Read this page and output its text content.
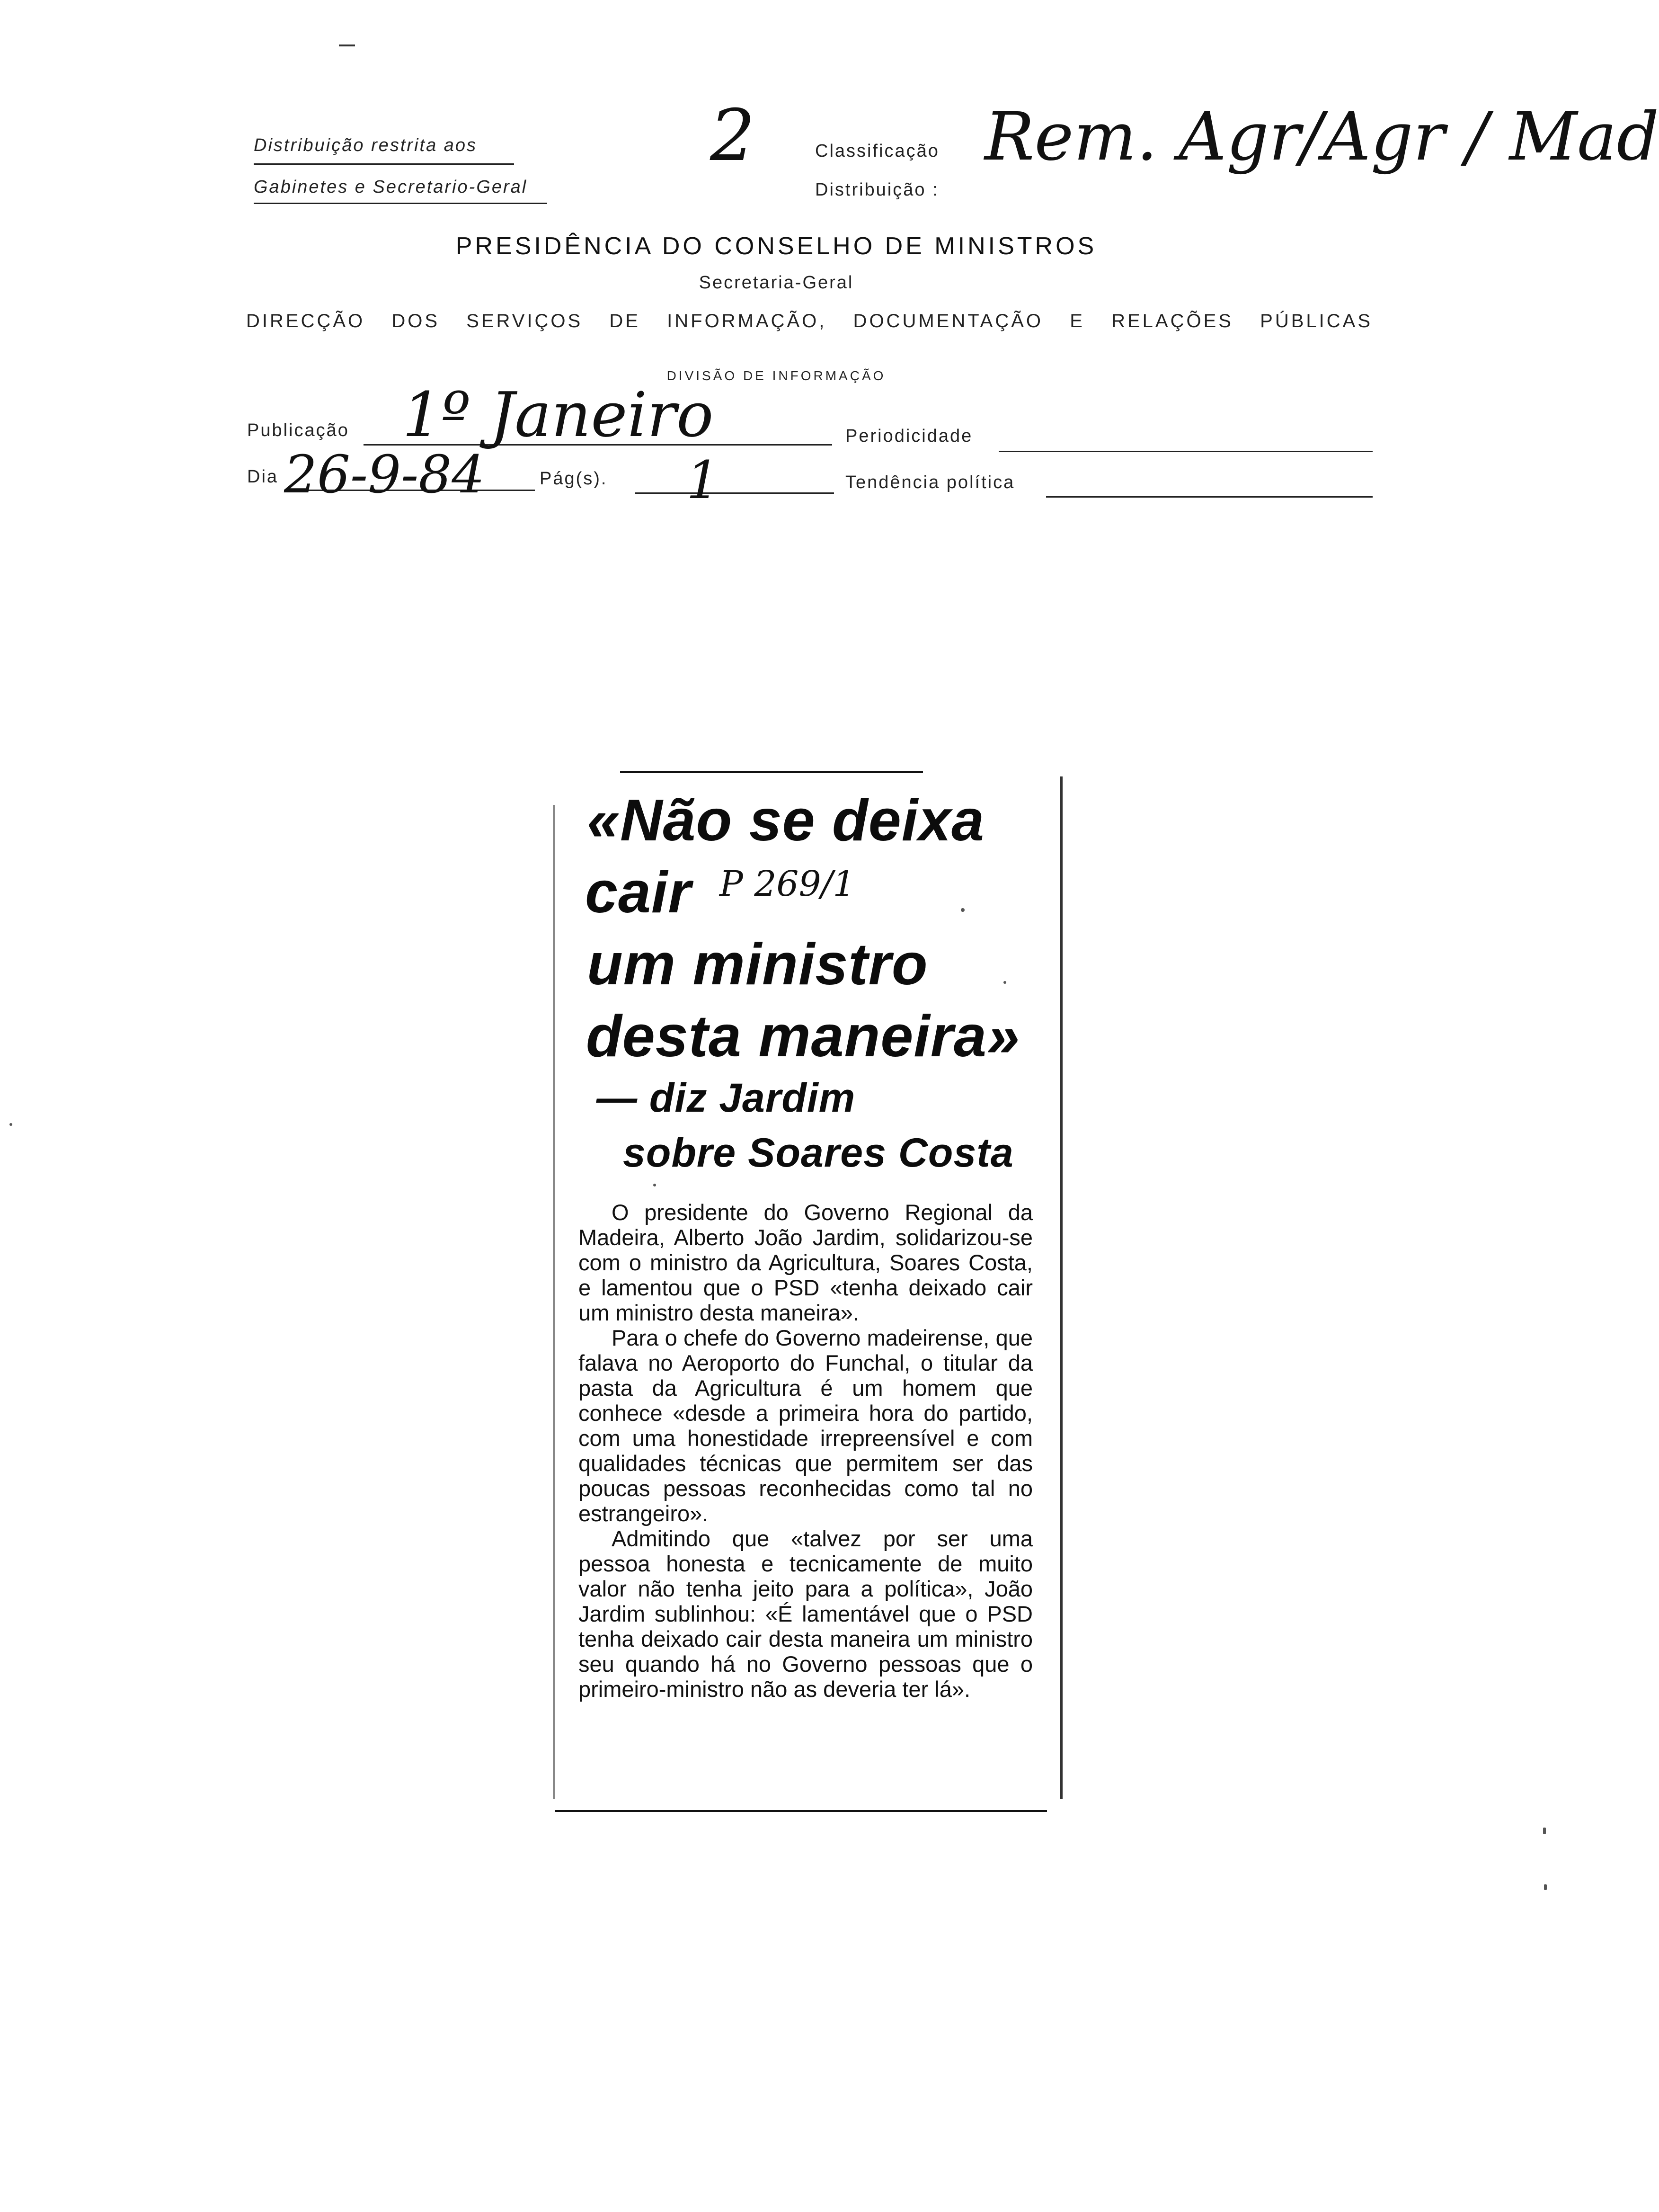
Distribuição restrita aos
Gabinetes e Secretario-Geral
2	Classificação
Distribuição :
Rem. Agr/Agr / Mad
PRESIDÊNCIA DO CONSELHO DE MINISTROS
Secretaria-Geral
DIRECÇÃO DOS SERVIÇOS DE INFORMAÇÃO, DOCUMENTAÇÃO E RELAÇÕES PÚBLICAS
DIVISÃO DE INFORMAÇÃO
Publicação 1º Janeiro	Periodicidade
Dia 26-9-84	Pág(s). 1	Tendência política
«Não se deixa
cair P 269/1
um ministro
desta maneira»
— diz Jardim
sobre Soares Costa

O presidente do Governo Regional da Madeira, Alberto João Jardim, solidarizou-se com o ministro da Agricultura, Soares Costa, e lamentou que o PSD «tenha deixado cair um ministro desta maneira».

Para o chefe do Governo madeirense, que falava no Aeroporto do Funchal, o titular da pasta da Agricultura é um homem que conhece «desde a primeira hora do partido, com uma honestidade irrepreensível e com qualidades técnicas que permitem ser das poucas pessoas reconhecidas como tal no estrangeiro».

Admitindo que «talvez por ser uma pessoa honesta e tecnicamente de muito valor não tenha jeito para a política», João Jardim sublinhou: «É lamentável que o PSD tenha deixado cair desta maneira um ministro seu quando há no Governo pessoas que o primeiro-ministro não as deveria ter lá».
